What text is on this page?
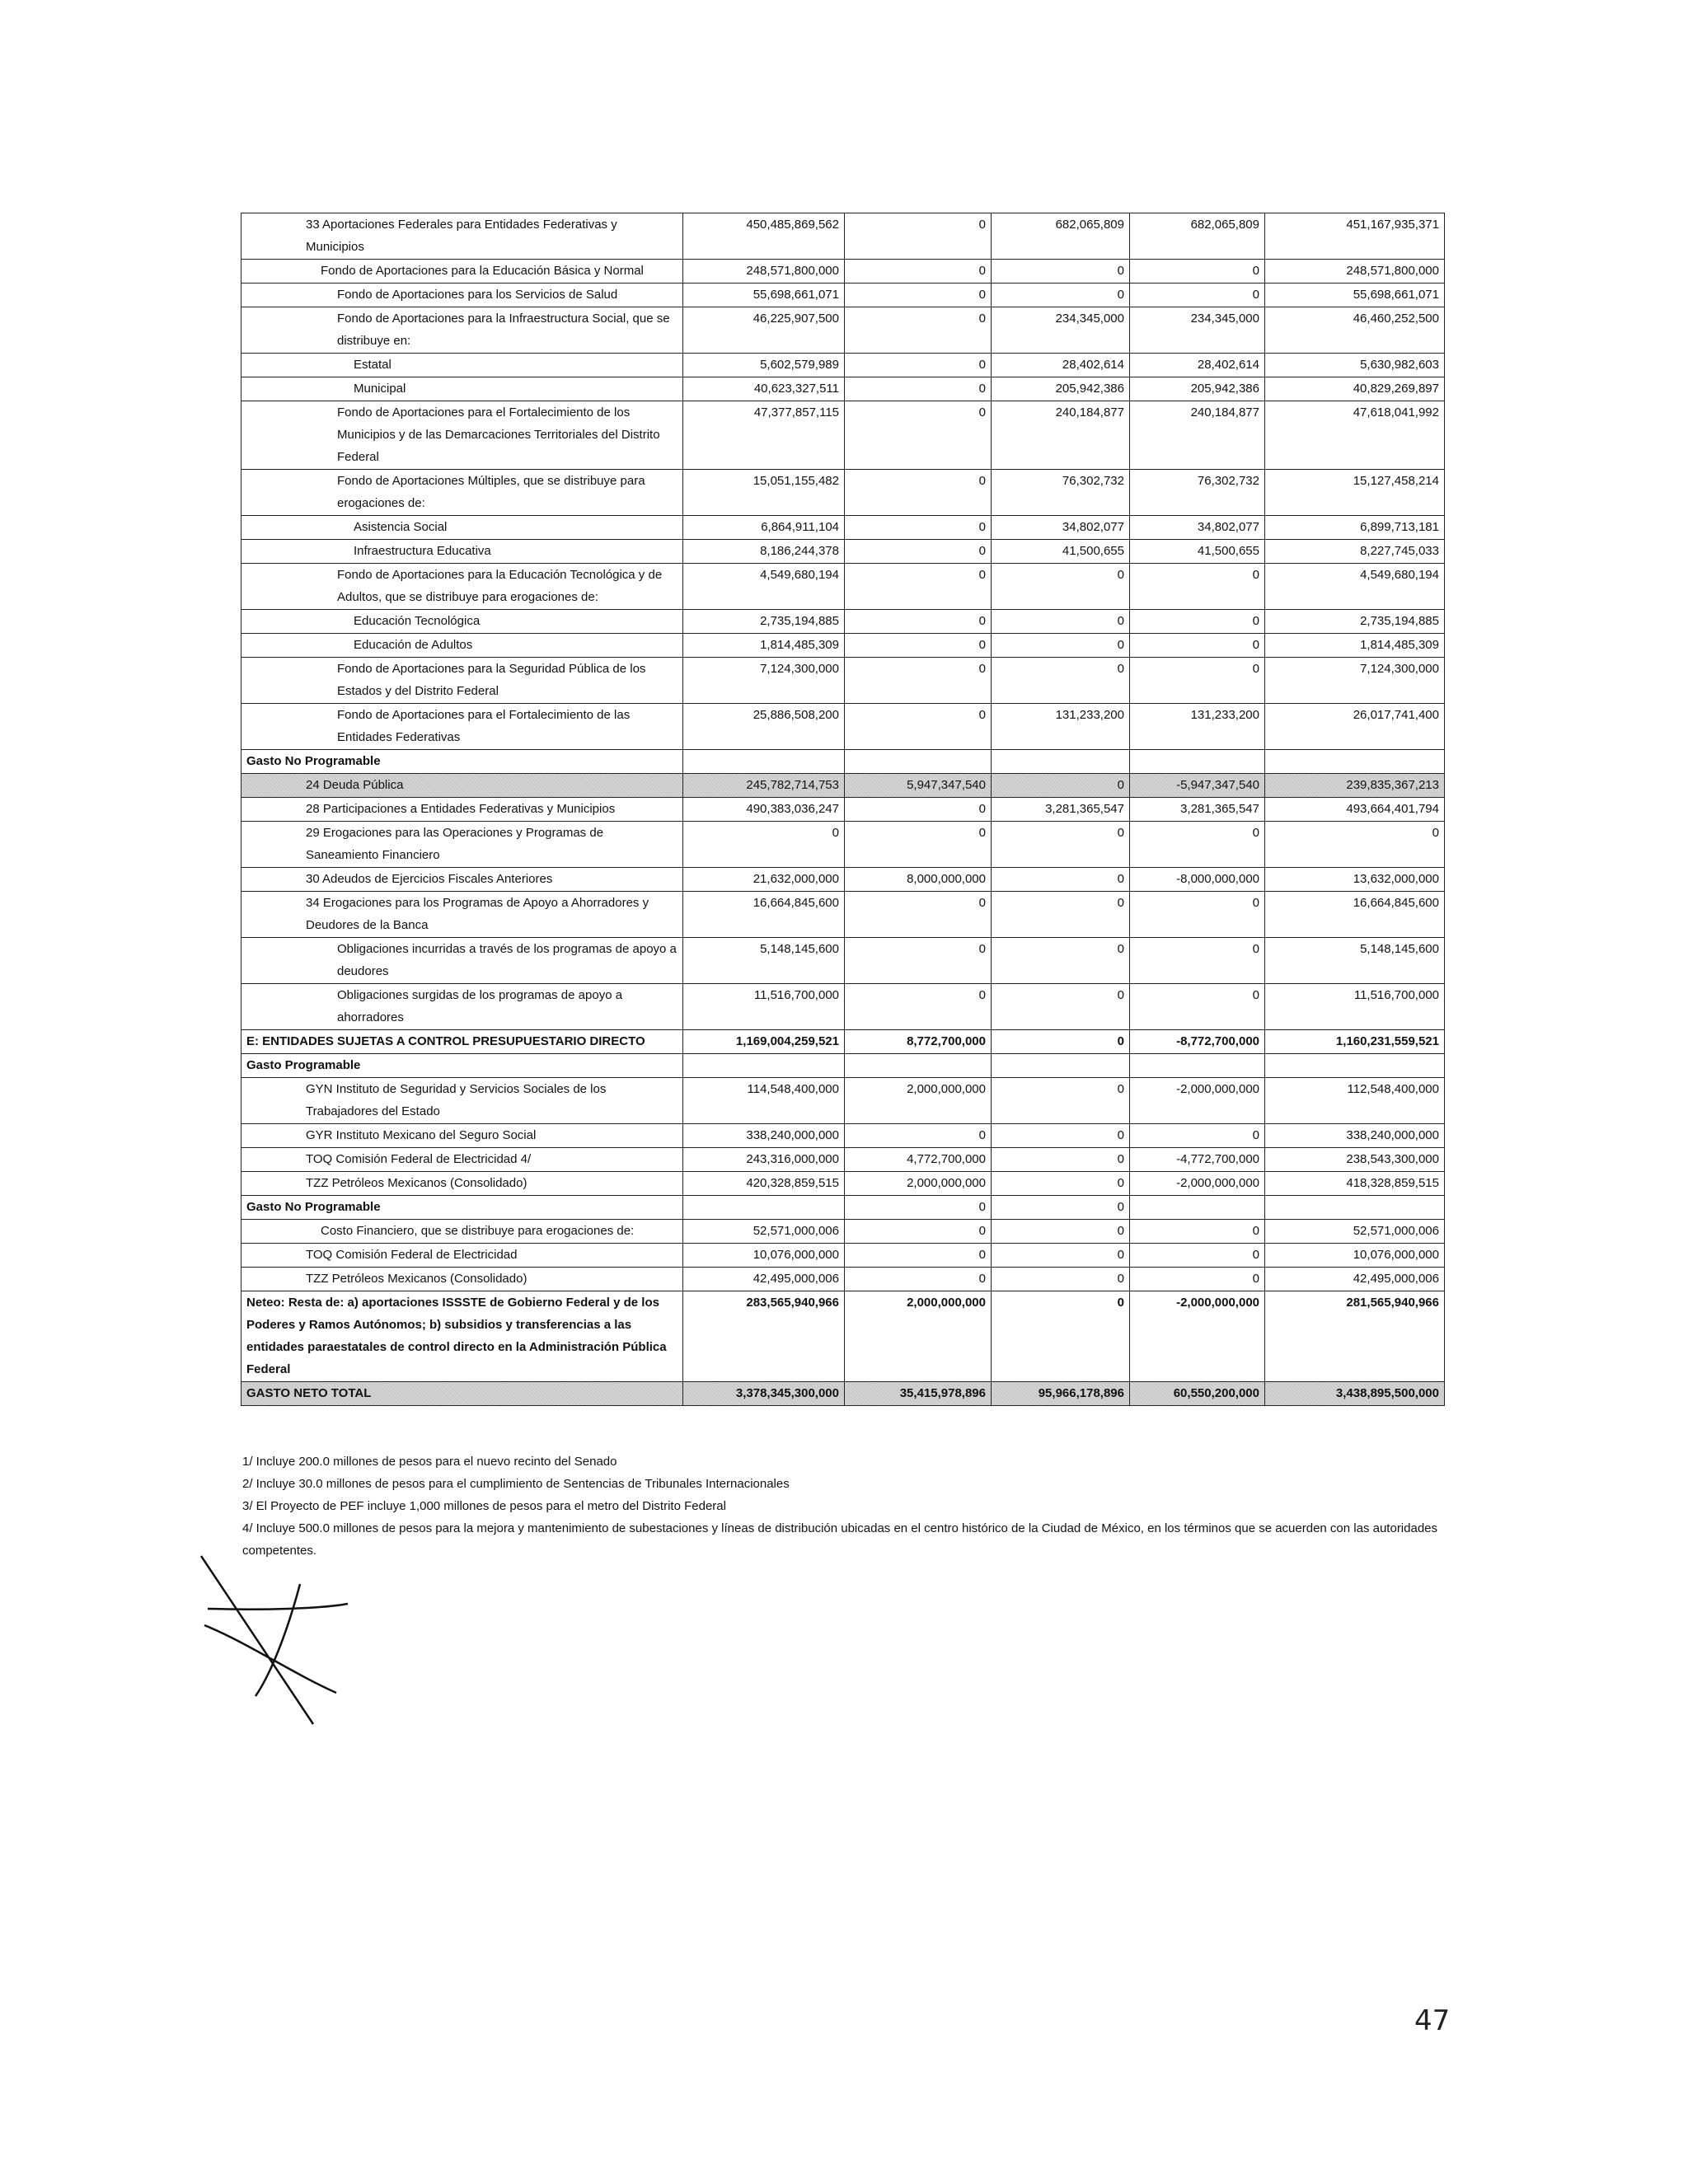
33 Aportaciones Federales para Entidades Federativas y Municipios	450,485,869,562	0	682,065,809	682,065,809	451,167,935,371
Fondo de Aportaciones para la Educación Básica y Normal	248,571,800,000	0	0	0	248,571,800,000
Fondo de Aportaciones para los Servicios de Salud	55,698,661,071	0	0	0	55,698,661,071
Fondo de Aportaciones para la Infraestructura Social, que se distribuye en:	46,225,907,500	0	234,345,000	234,345,000	46,460,252,500
Estatal	5,602,579,989	0	28,402,614	28,402,614	5,630,982,603
Municipal	40,623,327,511	0	205,942,386	205,942,386	40,829,269,897
Fondo de Aportaciones para el Fortalecimiento de los Municipios y de las Demarcaciones Territoriales del Distrito Federal	47,377,857,115	0	240,184,877	240,184,877	47,618,041,992
Fondo de Aportaciones Múltiples, que se distribuye para erogaciones de:	15,051,155,482	0	76,302,732	76,302,732	15,127,458,214
Asistencia Social	6,864,911,104	0	34,802,077	34,802,077	6,899,713,181
Infraestructura Educativa	8,186,244,378	0	41,500,655	41,500,655	8,227,745,033
Fondo de Aportaciones para la Educación Tecnológica y de Adultos, que se distribuye para erogaciones de:	4,549,680,194	0	0	0	4,549,680,194
Educación Tecnológica	2,735,194,885	0	0	0	2,735,194,885
Educación de Adultos	1,814,485,309	0	0	0	1,814,485,309
Fondo de Aportaciones para la Seguridad Pública de los Estados y del Distrito Federal	7,124,300,000	0	0	0	7,124,300,000
Fondo de Aportaciones para el Fortalecimiento de las Entidades Federativas	25,886,508,200	0	131,233,200	131,233,200	26,017,741,400
Gasto No Programable					
24 Deuda Pública	245,782,714,753	5,947,347,540	0	-5,947,347,540	239,835,367,213
28 Participaciones a Entidades Federativas y Municipios	490,383,036,247	0	3,281,365,547	3,281,365,547	493,664,401,794
29 Erogaciones para las Operaciones y Programas de Saneamiento Financiero	0	0	0	0	0
30 Adeudos de Ejercicios Fiscales Anteriores	21,632,000,000	8,000,000,000	0	-8,000,000,000	13,632,000,000
34 Erogaciones para los Programas de Apoyo a Ahorradores y Deudores de la Banca	16,664,845,600	0	0	0	16,664,845,600
Obligaciones incurridas a través de los programas de apoyo a deudores	5,148,145,600	0	0	0	5,148,145,600
Obligaciones surgidas de los programas de apoyo a ahorradores	11,516,700,000	0	0	0	11,516,700,000
E: ENTIDADES SUJETAS A CONTROL PRESUPUESTARIO DIRECTO	1,169,004,259,521	8,772,700,000	0	-8,772,700,000	1,160,231,559,521
Gasto Programable					
GYN Instituto de Seguridad y Servicios Sociales de los Trabajadores del Estado	114,548,400,000	2,000,000,000	0	-2,000,000,000	112,548,400,000
GYR Instituto Mexicano del Seguro Social	338,240,000,000	0	0	0	338,240,000,000
TOQ Comisión Federal de Electricidad 4/	243,316,000,000	4,772,700,000	0	-4,772,700,000	238,543,300,000
TZZ Petróleos Mexicanos (Consolidado)	420,328,859,515	2,000,000,000	0	-2,000,000,000	418,328,859,515
Gasto No Programable		0	0		
Costo Financiero, que se distribuye para erogaciones de:	52,571,000,006	0	0	0	52,571,000,006
TOQ Comisión Federal de Electricidad	10,076,000,000	0	0	0	10,076,000,000
TZZ Petróleos Mexicanos (Consolidado)	42,495,000,006	0	0	0	42,495,000,006
Neteo: Resta de: a) aportaciones ISSSTE de Gobierno Federal y de los Poderes y Ramos Autónomos; b) subsidios y transferencias a las entidades paraestatales de control directo en la Administración Pública Federal	283,565,940,966	2,000,000,000	0	-2,000,000,000	281,565,940,966
GASTO NETO TOTAL	3,378,345,300,000	35,415,978,896	95,966,178,896	60,550,200,000	3,438,895,500,000
1/ Incluye 200.0 millones de pesos para el nuevo recinto del Senado
2/ Incluye 30.0 millones de pesos para el cumplimiento de Sentencias de Tribunales Internacionales
3/ El Proyecto de PEF incluye 1,000 millones de pesos para el metro del Distrito Federal
4/ Incluye 500.0 millones de pesos para la mejora y mantenimiento de subestaciones y líneas de distribución ubicadas en el centro histórico de la Ciudad de México, en los términos que se acuerden con las autoridades competentes.
47
